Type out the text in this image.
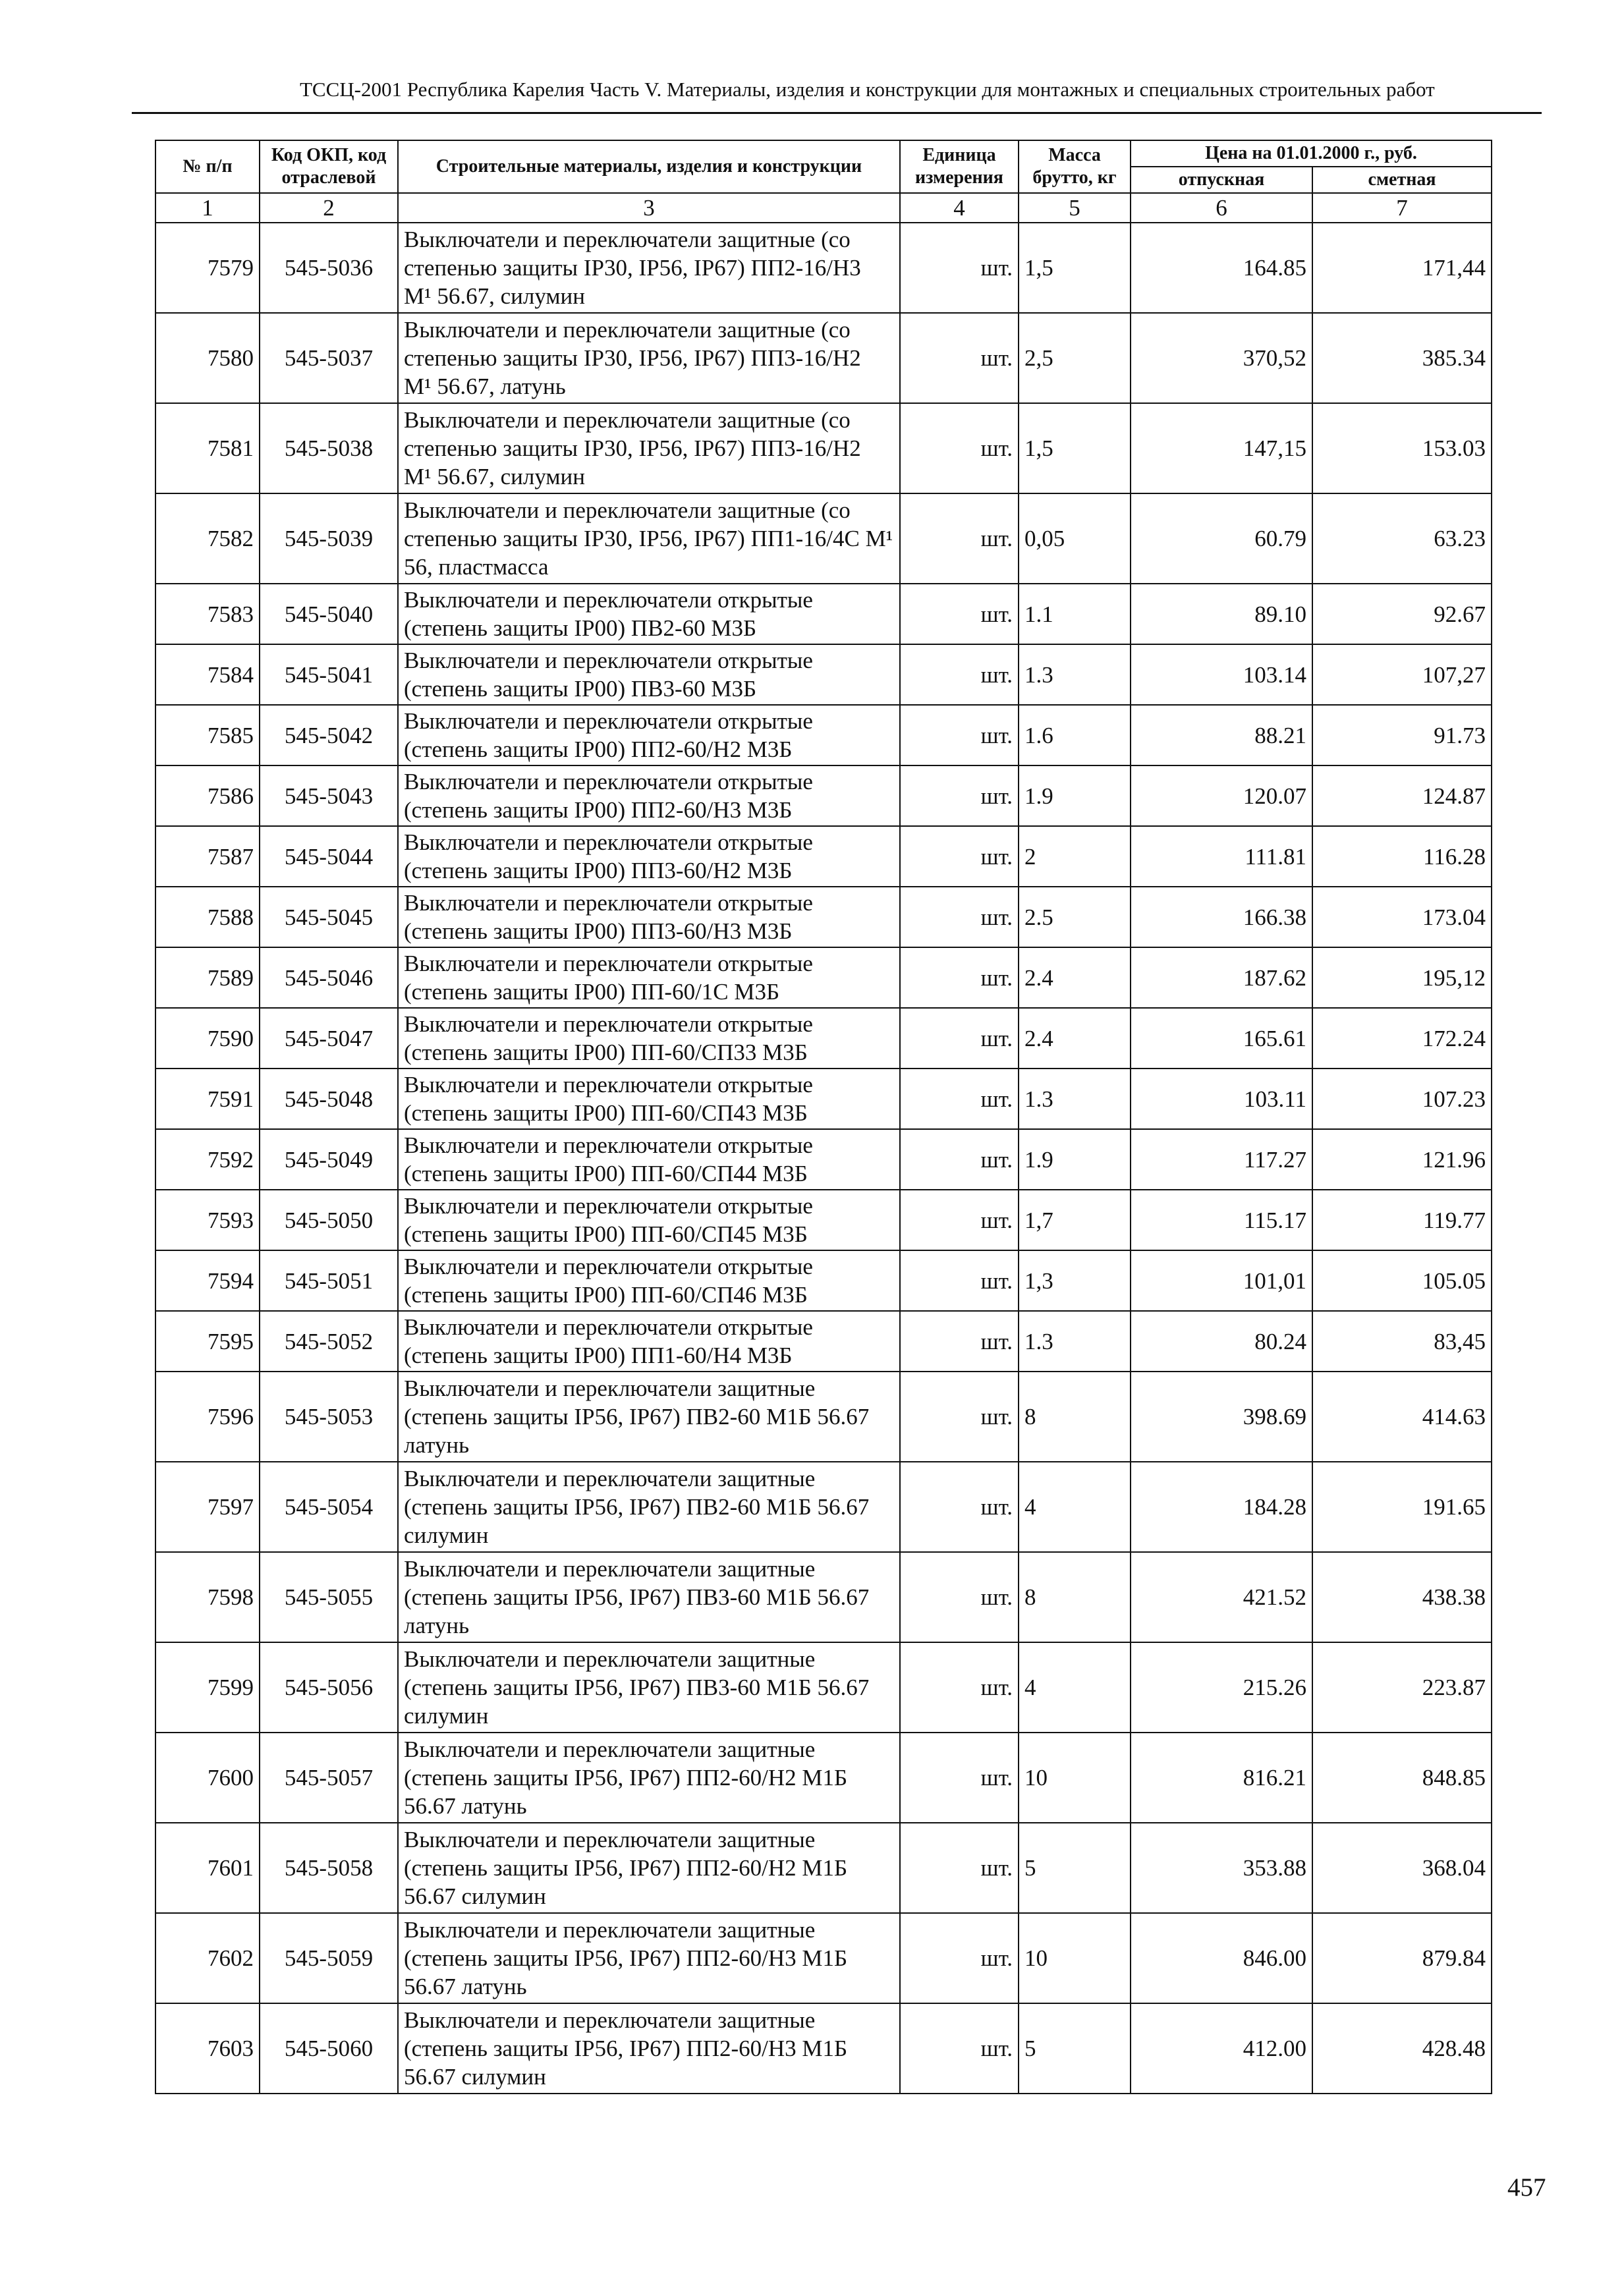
ТССЦ-2001 Республика Карелия Часть V. Материалы, изделия и конструкции для монтажных и специальных строительных работ
№ п/п	Код ОКП, код отраслевой	Строительные материалы, изделия и конструкции	Единица измерения	Масса брутто, кг	Цена на 01.01.2000 г., руб.	
					отпускная	сметная
1	2	3	4	5	6	7
7579	545-5036	Выключатели и переключатели защитные (со степенью защиты IP30, IP56, IP67) ПП2-16/Н3 М¹ 56.67, силумин	шт.	1,5	164.85	171,44
7580	545-5037	Выключатели и переключатели защитные (со степенью защиты IP30, IP56, IP67) ПП3-16/Н2 М¹ 56.67, латунь	шт.	2,5	370,52	385.34
7581	545-5038	Выключатели и переключатели защитные (со степенью защиты IP30, IP56, IP67) ПП3-16/Н2 М¹ 56.67, силумин	шт.	1,5	147,15	153.03
7582	545-5039	Выключатели и переключатели защитные (со степенью защиты IP30, IP56, IP67) ПП1-16/4С М¹ 56, пластмасса	шт.	0,05	60.79	63.23
7583	545-5040	Выключатели и переключатели открытые (степень защиты IP00) ПВ2-60 М3Б	шт.	1.1	89.10	92.67
7584	545-5041	Выключатели и переключатели открытые (степень защиты IP00) ПВ3-60 М3Б	шт.	1.3	103.14	107,27
7585	545-5042	Выключатели и переключатели открытые (степень защиты IP00) ПП2-60/Н2 М3Б	шт.	1.6	88.21	91.73
7586	545-5043	Выключатели и переключатели открытые (степень защиты IP00) ПП2-60/Н3 М3Б	шт.	1.9	120.07	124.87
7587	545-5044	Выключатели и переключатели открытые (степень защиты IP00) ПП3-60/Н2 М3Б	шт.	2	111.81	116.28
7588	545-5045	Выключатели и переключатели открытые (степень защиты IP00) ПП3-60/Н3 М3Б	шт.	2.5	166.38	173.04
7589	545-5046	Выключатели и переключатели открытые (степень защиты IP00) ПП-60/1С М3Б	шт.	2.4	187.62	195,12
7590	545-5047	Выключатели и переключатели открытые (степень защиты IP00) ПП-60/СП33 М3Б	шт.	2.4	165.61	172.24
7591	545-5048	Выключатели и переключатели открытые (степень защиты IP00) ПП-60/СП43 М3Б	шт.	1.3	103.11	107.23
7592	545-5049	Выключатели и переключатели открытые (степень защиты IP00) ПП-60/СП44 М3Б	шт.	1.9	117.27	121.96
7593	545-5050	Выключатели и переключатели открытые (степень защиты IP00) ПП-60/СП45 М3Б	шт.	1,7	115.17	119.77
7594	545-5051	Выключатели и переключатели открытые (степень защиты IP00) ПП-60/СП46 М3Б	шт.	1,3	101,01	105.05
7595	545-5052	Выключатели и переключатели открытые (степень защиты IP00) ПП1-60/Н4 М3Б	шт.	1.3	80.24	83,45
7596	545-5053	Выключатели и переключатели защитные (степень защиты IP56, IP67) ПВ2-60 М1Б 56.67 латунь	шт.	8	398.69	414.63
7597	545-5054	Выключатели и переключатели защитные (степень защиты IP56, IP67) ПВ2-60 М1Б 56.67 силумин	шт.	4	184.28	191.65
7598	545-5055	Выключатели и переключатели защитные (степень защиты IP56, IP67) ПВ3-60 М1Б 56.67 латунь	шт.	8	421.52	438.38
7599	545-5056	Выключатели и переключатели защитные (степень защиты IP56, IP67) ПВ3-60 М1Б 56.67 силумин	шт.	4	215.26	223.87
7600	545-5057	Выключатели и переключатели защитные (степень защиты IP56, IP67) ПП2-60/Н2 М1Б 56.67 латунь	шт.	10	816.21	848.85
7601	545-5058	Выключатели и переключатели защитные (степень защиты IP56, IP67) ПП2-60/Н2 М1Б 56.67 силумин	шт.	5	353.88	368.04
7602	545-5059	Выключатели и переключатели защитные (степень защиты IP56, IP67) ПП2-60/Н3 М1Б 56.67 латунь	шт.	10	846.00	879.84
7603	545-5060	Выключатели и переключатели защитные (степень защиты IP56, IP67) ПП2-60/Н3 М1Б 56.67 силумин	шт.	5	412.00	428.48
457
